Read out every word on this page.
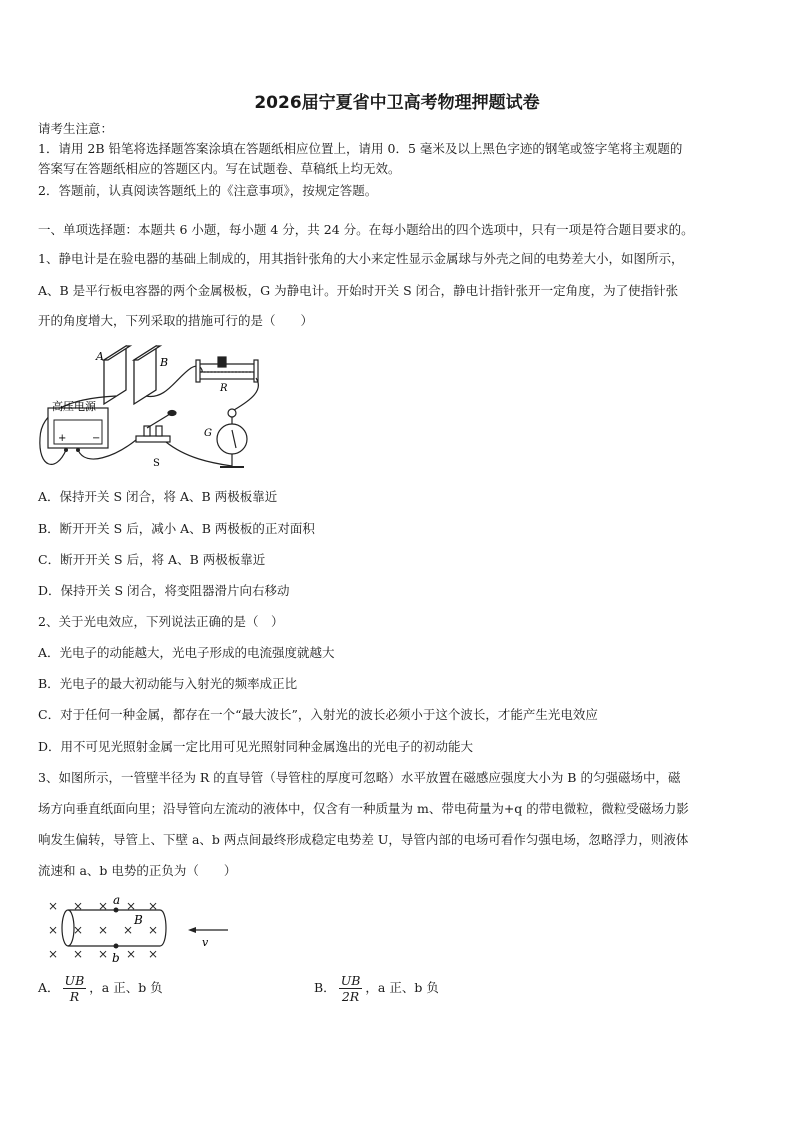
2026届宁夏省中卫高考物理押题试卷
请考生注意：
1．请用 2B 铅笔将选择题答案涂填在答题纸相应位置上，请用 0．5 毫米及以上黑色字迹的钢笔或签字笔将主观题的
答案写在答题纸相应的答题区内。写在试题卷、草稿纸上均无效。
2．答题前，认真阅读答题纸上的《注意事项》，按规定答题。
一、单项选择题：本题共 6 小题，每小题 4 分，共 24 分。在每小题给出的四个选项中，只有一项是符合题目要求的。
1、静电计是在验电器的基础上制成的，用其指针张角的大小来定性显示金属球与外壳之间的电势差大小，如图所示，
A、B 是平行板电容器的两个金属极板，G 为静电计。开始时开关 S 闭合，静电计指针张开一定角度，为了使指针张
开的角度增大，下列采取的措施可行的是（　　）
A	B
R
G
高压电源
+	−
S
A．保持开关 S 闭合，将 A、B 两极板靠近
B．断开开关 S 后，减小 A、B 两极板的正对面积
C．断开开关 S 后，将 A、B 两极板靠近
D．保持开关 S 闭合，将变阻器滑片向右移动
2、关于光电效应，下列说法正确的是（　）
A．光电子的动能越大，光电子形成的电流强度就越大
B．光电子的最大初动能与入射光的频率成正比
C．对于任何一种金属，都存在一个“最大波长”，入射光的波长必须小于这个波长，才能产生光电效应
D．用不可见光照射金属一定比用可见光照射同种金属逸出的光电子的初动能大
3、如图所示，一管壁半径为 R 的直导管（导管柱的厚度可忽略）水平放置在磁感应强度大小为 B 的匀强磁场中，磁
场方向垂直纸面向里；沿导管向左流动的液体中，仅含有一种质量为 m、带电荷量为+q 的带电微粒，微粒受磁场力影
响发生偏转，导管上、下壁 a、b 两点间最终形成稳定电势差 U，导管内部的电场可看作匀强电场，忽略浮力，则液体
流速和 a、b 电势的正负为（　　）
× × × × ×
× × × × ×
× × × × ×
a
b
B
v
A． $\frac{UB}{R}$ ，a 正、b 负	B． $\frac{UB}{2R}$ ，a 正、b 负
